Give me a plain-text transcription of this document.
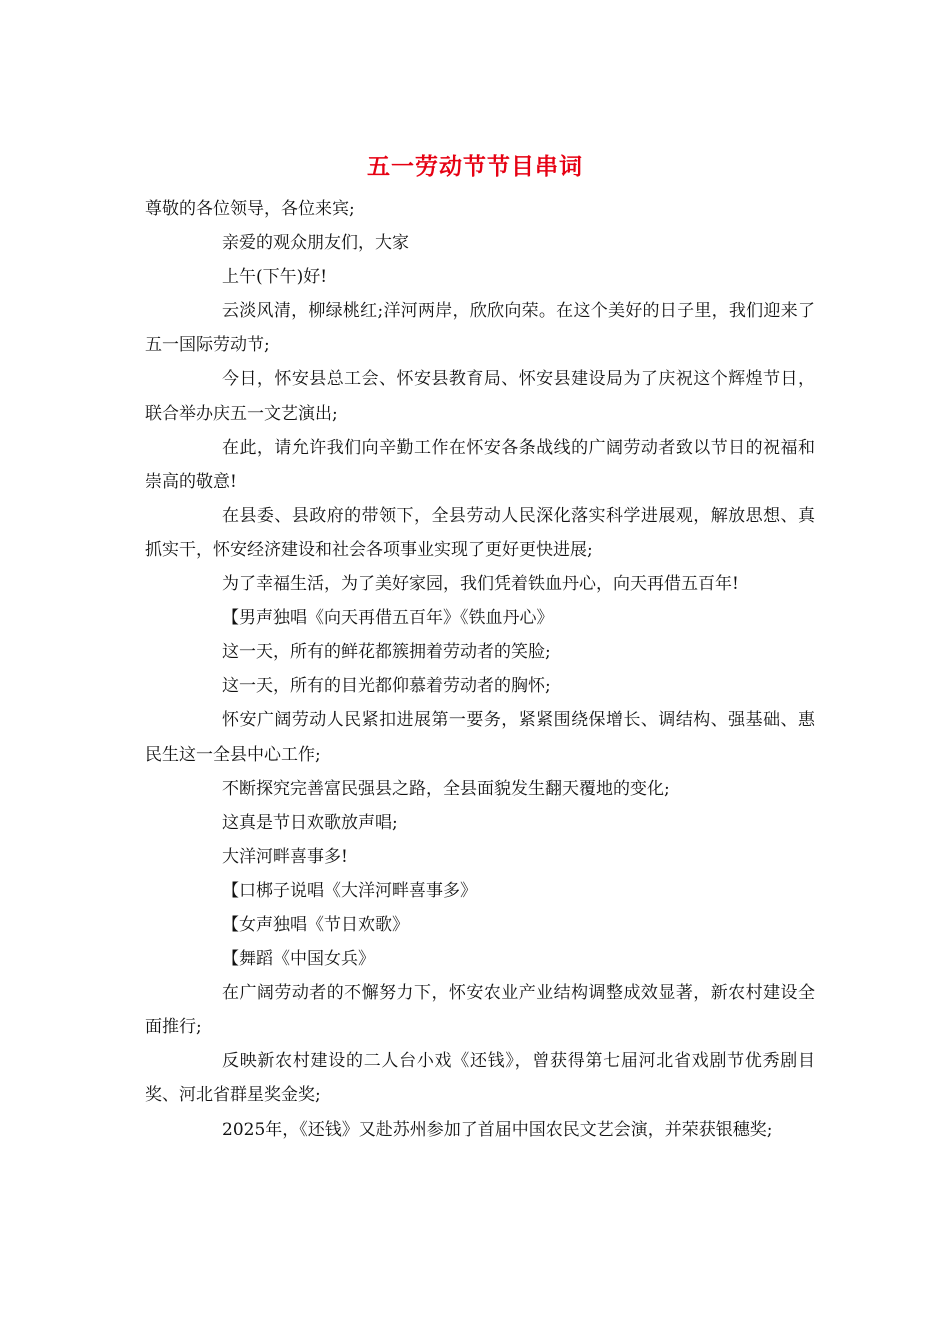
五一劳动节节目串词

尊敬的各位领导，各位来宾;

亲爱的观众朋友们，大家

上午(下午)好!

云淡风清，柳绿桃红;洋河两岸，欣欣向荣。在这个美好的日子里，我们迎来了五一国际劳动节;

今日，怀安县总工会、怀安县教育局、怀安县建设局为了庆祝这个辉煌节日，联合举办庆五一文艺演出;

在此，请允许我们向辛勤工作在怀安各条战线的广阔劳动者致以节日的祝福和崇高的敬意!

在县委、县政府的带领下，全县劳动人民深化落实科学进展观，解放思想、真抓实干，怀安经济建设和社会各项事业实现了更好更快进展;

为了幸福生活，为了美好家园，我们凭着铁血丹心，向天再借五百年!

【男声独唱《向天再借五百年》《铁血丹心》

这一天，所有的鲜花都簇拥着劳动者的笑脸;

这一天，所有的目光都仰慕着劳动者的胸怀;

怀安广阔劳动人民紧扣进展第一要务，紧紧围绕保增长、调结构、强基础、惠民生这一全县中心工作;

不断探究完善富民强县之路，全县面貌发生翻天覆地的变化;

这真是节日欢歌放声唱;

大洋河畔喜事多!

【口梆子说唱《大洋河畔喜事多》

【女声独唱《节日欢歌》

【舞蹈《中国女兵》

在广阔劳动者的不懈努力下，怀安农业产业结构调整成效显著，新农村建设全面推行;

反映新农村建设的二人台小戏《还钱》，曾获得第七届河北省戏剧节优秀剧目奖、河北省群星奖金奖;

2025年，《还钱》又赴苏州参加了首届中国农民文艺会演，并荣获银穗奖;
